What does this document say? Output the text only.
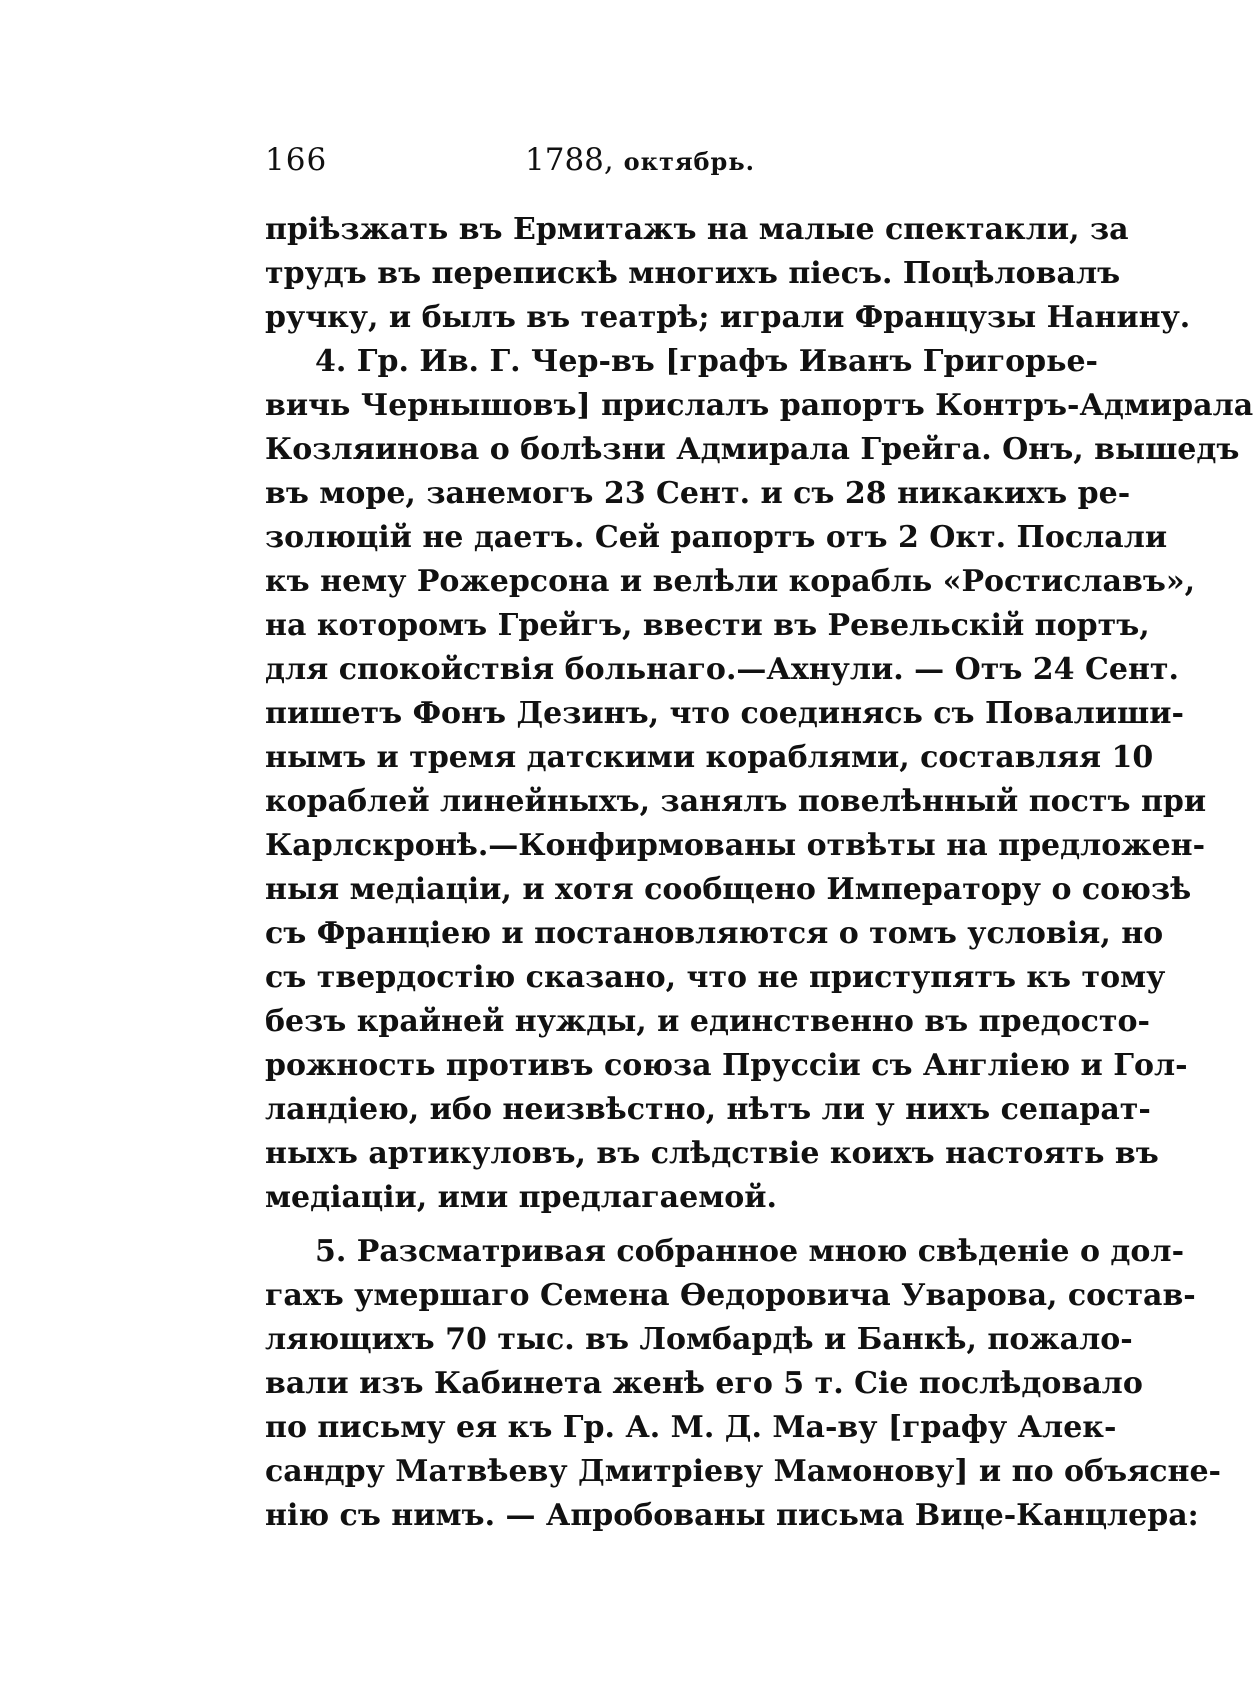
166	1788, октябрь.
пріѣзжать въ Ермитажъ на малые спектакли, за
трудъ въ перепискѣ многихъ піесъ. Поцѣловалъ
ручку, и былъ въ театрѣ; играли Французы Нанину.
4. Гр. Ив. Г. Чер-въ [графъ Иванъ Григорье-
вичь Чернышовъ] прислалъ рапортъ Контръ-Адмирала
Козляинова о болѣзни Адмирала Грейга. Онъ, вышедъ
въ море, занемогъ 23 Сент. и съ 28 никакихъ ре-
золюцій не даетъ. Сей рапортъ отъ 2 Окт. Послали
къ нему Рожерсона и велѣли корабль «Ростиславъ»,
на которомъ Грейгъ, ввести въ Ревельскій портъ,
для спокойствія больнаго.—Ахнули. — Отъ 24 Сент.
пишетъ Фонъ Дезинъ, что соединясь съ Повалиши-
нымъ и тремя датскими кораблями, составляя 10
кораблей линейныхъ, занялъ повелѣнный постъ при
Карлскронѣ.—Конфирмованы отвѣты на предложен-
ныя медіаціи, и хотя сообщено Императору о союзѣ
съ Франціею и постановляются о томъ условія, но
съ твердостію сказано, что не приступятъ къ тому
безъ крайней нужды, и единственно въ предосто-
рожность противъ союза Пруссіи съ Англіею и Гол-
ландіею, ибо неизвѣстно, нѣтъ ли у нихъ сепарат-
ныхъ артикуловъ, въ слѣдствіе коихъ настоять въ
медіаціи, ими предлагаемой.
5. Разсматривая собранное мною свѣденіе о дол-
гахъ умершаго Семена Өедоровича Уварова, состав-
ляющихъ 70 тыс. въ Ломбардѣ и Банкѣ, пожало-
вали изъ Кабинета женѣ его 5 т. Сіе послѣдовало
по письму ея къ Гр. А. М. Д. Ма-ву [графу Алек-
сандру Матвѣеву Дмитріеву Мамонову] и по объясне-
нію съ нимъ. — Апробованы письма Вице-Канцлера:
